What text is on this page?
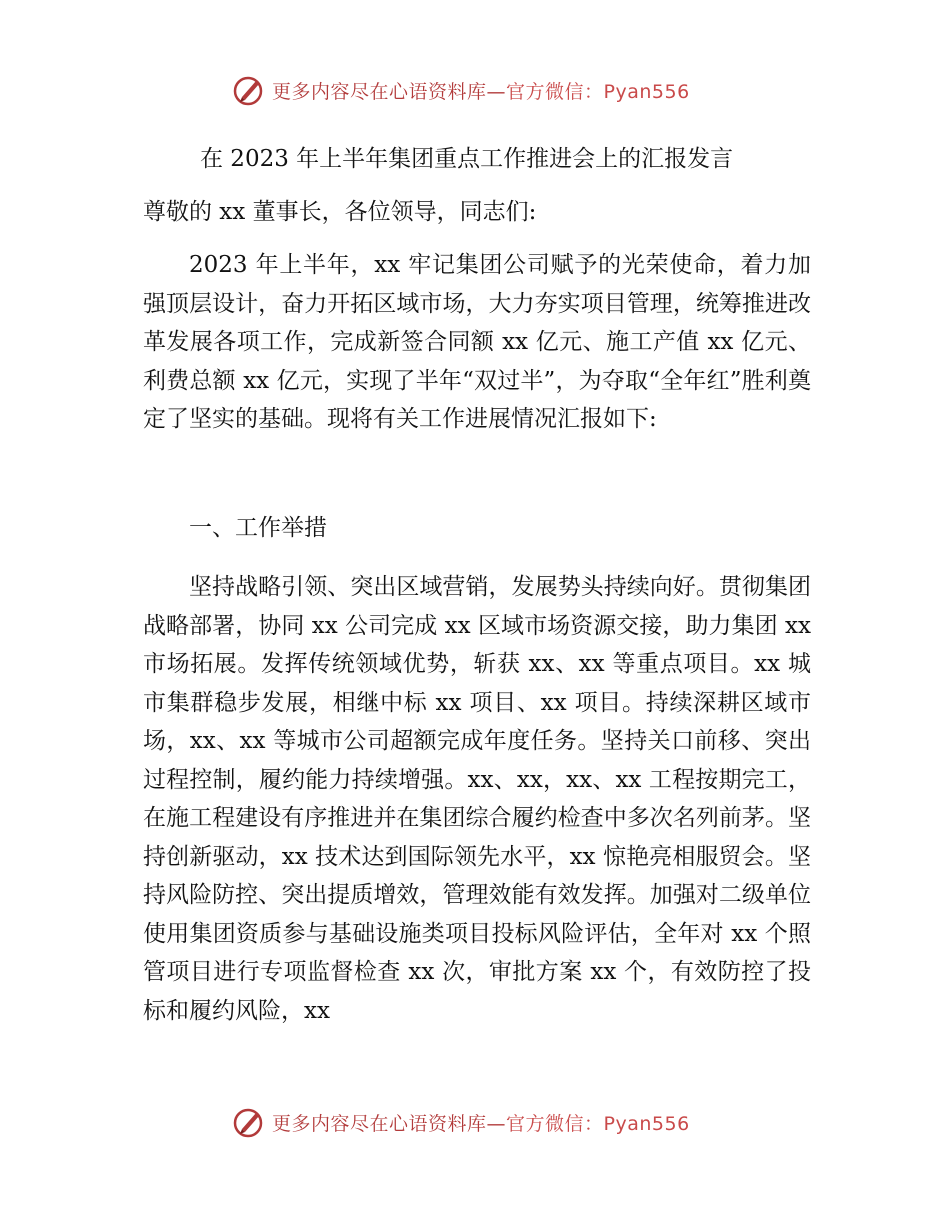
更多内容尽在心语资料库—官方微信：Pyan556
在 2023 年上半年集团重点工作推进会上的汇报发言
尊敬的 xx 董事长，各位领导，同志们:

2023 年上半年，xx 牢记集团公司赋予的光荣使命，着力加强顶层设计，奋力开拓区域市场，大力夯实项目管理，统筹推进改革发展各项工作，完成新签合同额 xx 亿元、施工产值 xx 亿元、利费总额 xx 亿元，实现了半年“双过半”，为夺取“全年红”胜利奠定了坚实的基础。现将有关工作进展情况汇报如下:

一、工作举措

坚持战略引领、突出区域营销，发展势头持续向好。贯彻集团战略部署，协同 xx 公司完成 xx 区域市场资源交接，助力集团 xx 市场拓展。发挥传统领域优势，斩获 xx、xx 等重点项目。xx 城市集群稳步发展，相继中标 xx 项目、xx 项目。持续深耕区域市场，xx、xx 等城市公司超额完成年度任务。坚持关口前移、突出过程控制，履约能力持续增强。xx、xx，xx、xx 工程按期完工，在施工程建设有序推进并在集团综合履约检查中多次名列前茅。坚持创新驱动，xx 技术达到国际领先水平，xx 惊艳亮相服贸会。坚持风险防控、突出提质增效，管理效能有效发挥。加强对二级单位使用集团资质参与基础设施类项目投标风险评估，全年对 xx 个照管项目进行专项监督检查 xx 次，审批方案 xx 个，有效防控了投标和履约风险，xx

更多内容尽在心语资料库—官方微信：Pyan556
